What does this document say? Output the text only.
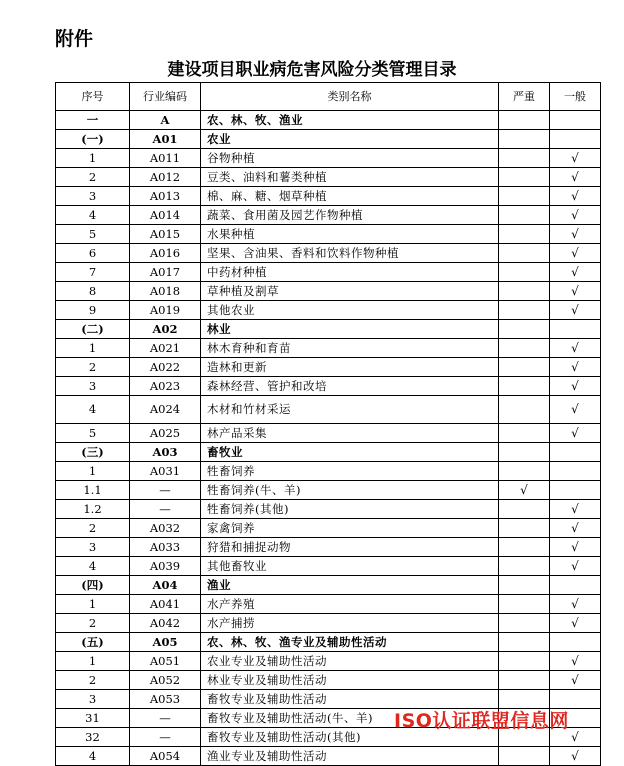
附件
建设项目职业病危害风险分类管理目录
序号	行业编码	类别名称	严重	一般
一	A	农、林、牧、渔业		
(一)	A01	农业		
1	A011	谷物种植		√
2	A012	豆类、油料和薯类种植		√
3	A013	棉、麻、糖、烟草种植		√
4	A014	蔬菜、食用菌及园艺作物种植		√
5	A015	水果种植		√
6	A016	坚果、含油果、香料和饮料作物种植		√
7	A017	中药材种植		√
8	A018	草种植及割草		√
9	A019	其他农业		√
(二)	A02	林业		
1	A021	林木育种和育苗		√
2	A022	造林和更新		√
3	A023	森林经营、管护和改培		√
4	A024	木材和竹材采运		√
5	A025	林产品采集		√
(三)	A03	畜牧业		
1	A031	牲畜饲养		
1.1	—	牲畜饲养(牛、羊)	√	
1.2	—	牲畜饲养(其他)		√
2	A032	家禽饲养		√
3	A033	狩猎和捕捉动物		√
4	A039	其他畜牧业		√
(四)	A04	渔业		
1	A041	水产养殖		√
2	A042	水产捕捞		√
(五)	A05	农、林、牧、渔专业及辅助性活动		
1	A051	农业专业及辅助性活动		√
2	A052	林业专业及辅助性活动		√
3	A053	畜牧专业及辅助性活动		
31	—	畜牧专业及辅助性活动(牛、羊)		
32	—	畜牧专业及辅助性活动(其他)		√
4	A054	渔业专业及辅助性活动		√
ISO认证联盟信息网
